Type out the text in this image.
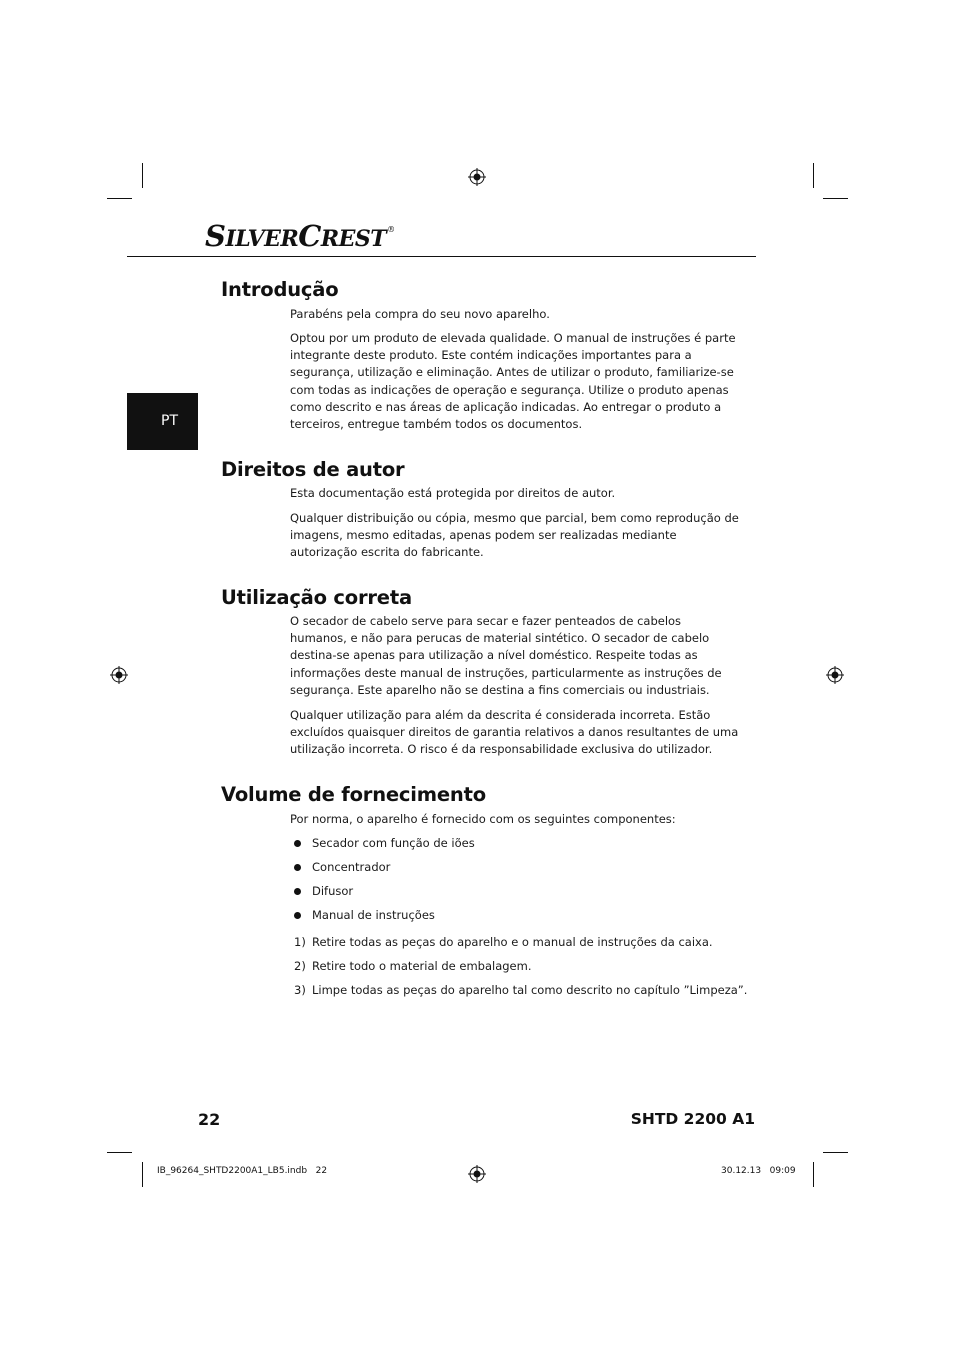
SILVERCREST®
PT
Introdução

Parabéns pela compra do seu novo aparelho.

Optou por um produto de elevada qualidade. O manual de instruções é parte integrante deste produto. Este contém indicações importantes para a segurança, utilização e eliminação. Antes de utilizar o produto, familiarize-se com todas as indicações de operação e segurança. Utilize o produto apenas como descrito e nas áreas de aplicação indicadas. Ao entregar o produto a terceiros, entregue também todos os documentos.

Direitos de autor

Esta documentação está protegida por direitos de autor.

Qualquer distribuição ou cópia, mesmo que parcial, bem como reprodução de imagens, mesmo editadas, apenas podem ser realizadas mediante autorização escrita do fabricante.

Utilização correta

O secador de cabelo serve para secar e fazer penteados de cabelos humanos, e não para perucas de material sintético. O secador de cabelo destina-se apenas para utilização a nível doméstico. Respeite todas as informações deste manual de instruções, particularmente as instruções de segurança. Este aparelho não se destina a fins comerciais ou industriais.

Qualquer utilização para além da descrita é considerada incorreta. Estão excluídos quaisquer direitos de garantia relativos a danos resultantes de uma utilização incorreta. O risco é da responsabilidade exclusiva do utilizador.

Volume de fornecimento

Por norma, o aparelho é fornecido com os seguintes componentes:

Secador com função de iões
Concentrador
Difusor
Manual de instruções
1) Retire todas as peças do aparelho e o manual de instruções da caixa.
2) Retire todo o material de embalagem.
3) Limpe todas as peças do aparelho tal como descrito no capítulo ”Limpeza”.
22	SHTD 2200 A1
IB_96264_SHTD2200A1_LB5.indb   22	30.12.13   09:09
